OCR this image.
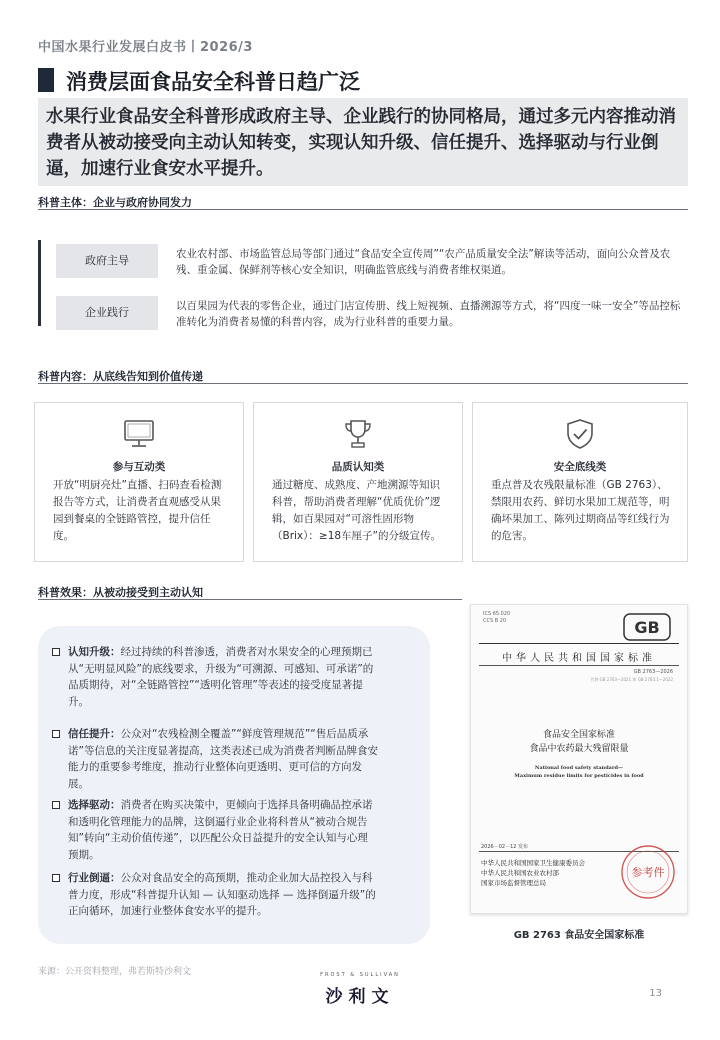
中国水果行业发展白皮书丨2026/3
消费层面食品安全科普日趋广泛
水果行业食品安全科普形成政府主导、企业践行的协同格局，通过多元内容推动消费者从被动接受向主动认知转变，实现认知升级、信任提升、选择驱动与行业倒逼，加速行业食安水平提升。
科普主体：企业与政府协同发力
政府主导	农业农村部、市场监管总局等部门通过“食品安全宣传周”“农产品质量安全法”解读等活动，面向公众普及农残、重金属、保鲜剂等核心安全知识，明确监管底线与消费者维权渠道。
企业践行	以百果园为代表的零售企业，通过门店宣传册、线上短视频、直播溯源等方式，将“四度一味一安全”等品控标准转化为消费者易懂的科普内容，成为行业科普的重要力量。
科普内容：从底线告知到价值传递
参与互动类
开放“明厨亮灶”直播、扫码查看检测报告等方式，让消费者直观感受从果园到餐桌的全链路管控，提升信任度。
品质认知类
通过糖度、成熟度、产地溯源等知识科普，帮助消费者理解“优质优价”逻辑，如百果园对“可溶性固形物（Brix）：≥18车厘子”的分级宣传。
安全底线类
重点普及农残限量标准（GB 2763）、禁限用农药、鲜切水果加工规范等，明确坏果加工、陈列过期商品等红线行为的危害。
科普效果：从被动接受到主动认知
认知升级：经过持续的科普渗透，消费者对水果安全的心理预期已从“无明显风险”的底线要求，升级为“可溯源、可感知、可承诺”的品质期待，对“全链路管控”“透明化管理”等表述的接受度显著提升。
信任提升：公众对“农残检测全覆盖”“鲜度管理规范”“售后品质承诺”等信息的关注度显著提高，这类表述已成为消费者判断品牌食安能力的重要参考维度，推动行业整体向更透明、更可信的方向发展。
选择驱动：消费者在购买决策中，更倾向于选择具备明确品控承诺和透明化管理能力的品牌，这倒逼行业企业将科普从“被动合规告知”转向“主动价值传递”，以匹配公众日益提升的安全认知与心理预期。
行业倒逼：公众对食品安全的高预期，推动企业加大品控投入与科普力度，形成“科普提升认知 — 认知驱动选择 — 选择倒逼升级”的正向循环，加速行业整体食安水平的提升。
ICS 65.020
CCS B 20	GB
中华人民共和国国家标准
GB 2763—2026
代替 GB 2763—2021 和 GB 2763.1—2022
食品安全国家标准
食品中农药最大残留限量
National food safety standard—
Maximum residue limits for pesticides in food
2026－02－12 发布
中华人民共和国国家卫生健康委员会
中华人民共和国农业农村部
国家市场监督管理总局
参考件
GB 2763 食品安全国家标准
来源：公开资料整理，弗若斯特沙利文	FROST & SULLIVAN
沙利文	13
